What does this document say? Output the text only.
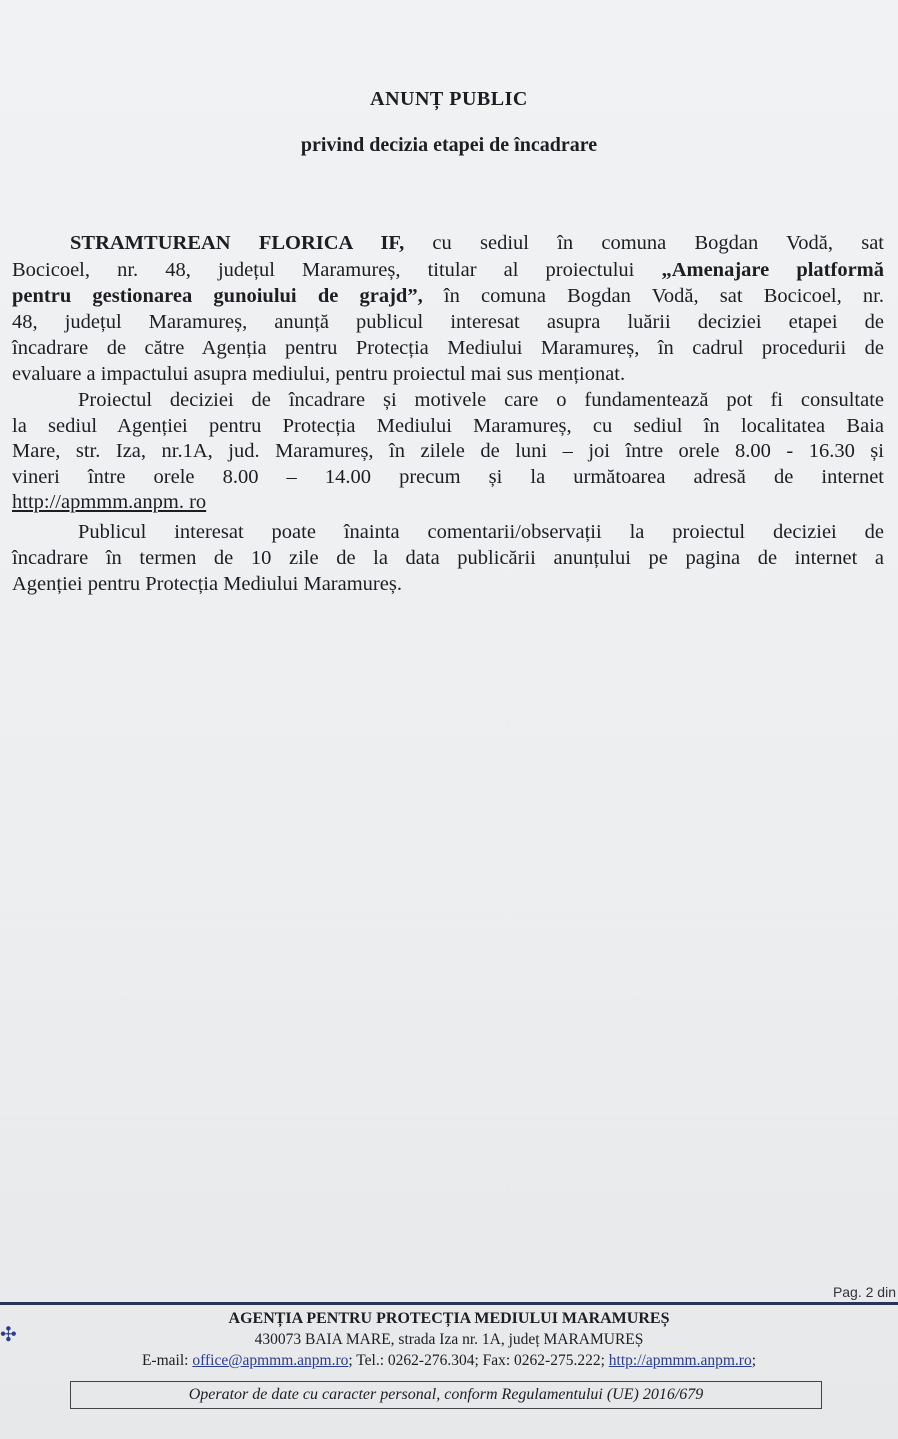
ANUNȚ PUBLIC
privind decizia etapei de încadrare
STRAMTUREAN FLORICA IF, cu sediul în comuna Bogdan Vodă, sat
Bocicoel, nr. 48, județul Maramureș, titular al proiectului „Amenajare platformă
pentru gestionarea gunoiului de grajd”, în comuna Bogdan Vodă, sat Bocicoel, nr.
48, județul Maramureș, anunță publicul interesat asupra luării deciziei etapei de
încadrare de către Agenția pentru Protecția Mediului Maramureș, în cadrul procedurii de
evaluare a impactului asupra mediului, pentru proiectul mai sus menționat.
Proiectul deciziei de încadrare și motivele care o fundamentează pot fi consultate
la sediul Agenției pentru Protecția Mediului Maramureș, cu sediul în localitatea Baia
Mare, str. Iza, nr.1A, jud. Maramureș, în zilele de luni – joi între orele 8.00 - 16.30 și
vineri între orele 8.00 – 14.00 precum și la următoarea adresă de internet
http://apmmm.anpm. ro
Publicul interesat poate înainta comentarii/observații la proiectul deciziei de
încadrare în termen de 10 zile de la data publicării anunțului pe pagina de internet a
Agenției pentru Protecția Mediului Maramureș.
Pag. 2 din
✣
AGENȚIA PENTRU PROTECȚIA MEDIULUI MARAMUREȘ
430073 BAIA MARE, strada Iza nr. 1A, județ MARAMUREȘ
E-mail: office@apmmm.anpm.ro; Tel.: 0262-276.304; Fax: 0262-275.222; http://apmmm.anpm.ro;
Operator de date cu caracter personal, conform Regulamentului (UE) 2016/679
